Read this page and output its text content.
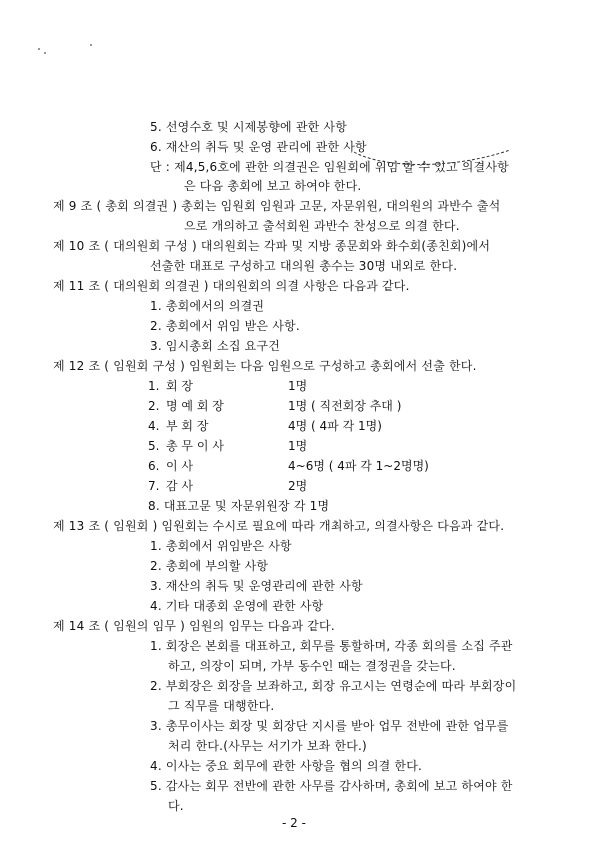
5. 선영수호 및 시제봉향에 관한 사항
6. 재산의 취득 및 운영 관리에 관한 사항
단 : 제4,5,6호에 관한 의결권은 임원회에 위임 할 수 있고 의결사항
은 다음 총회에 보고 하여야 한다.
제 9 조 ( 총회 의결권 ) 총회는 임원회 임원과 고문, 자문위원, 대의원의 과반수 출석
으로 개의하고 출석회원 과반수 찬성으로 의결 한다.
제 10 조 ( 대의원회 구성 ) 대의원회는 각파 및 지방 종문회와 화수회(종친회)에서
선출한 대표로 구성하고 대의원 총수는 30명 내외로 한다.
제 11 조 ( 대의원회 의결권 ) 대의원회의 의결 사항은 다음과 같다.
1. 총회에서의 의결권
2. 총회에서 위임 받은 사항.
3. 임시총회 소집 요구건
제 12 조 ( 임원회 구성 ) 임원회는 다음 임원으로 구성하고 총회에서 선출 한다.
1. 회 장	1명
2. 명 예 회 장	1명 ( 직전회장 추대 )
4. 부 회 장	4명 ( 4파 각 1명)
5. 총 무 이 사	1명
6. 이 사	4~6명 ( 4파 각 1~2명명)
7. 감 사	2명
8. 대표고문 및 자문위원장 각 1명
제 13 조 ( 임원회 ) 임원회는 수시로 필요에 따라 개최하고, 의결사항은 다음과 같다.
1. 총회에서 위임받은 사항
2. 총회에 부의할 사항
3. 재산의 취득 및 운영관리에 관한 사항
4. 기타 대종회 운영에 관한 사항
제 14 조 ( 임원의 임무 ) 임원의 임무는 다음과 같다.
1. 회장은 본회를 대표하고, 회무를 통할하며, 각종 회의를 소집 주관
하고, 의장이 되며, 가부 동수인 때는 결정권을 갖는다.
2. 부회장은 회장을 보좌하고, 회장 유고시는 연령순에 따라 부회장이
그 직무를 대행한다.
3. 총무이사는 회장 및 회장단 지시를 받아 업무 전반에 관한 업무를
처리 한다.(사무는 서기가 보좌 한다.)
4. 이사는 중요 회무에 관한 사항을 협의 의결 한다.
5. 감사는 회무 전반에 관한 사무를 감사하며, 총회에 보고 하여야 한
다.
- 2 -
